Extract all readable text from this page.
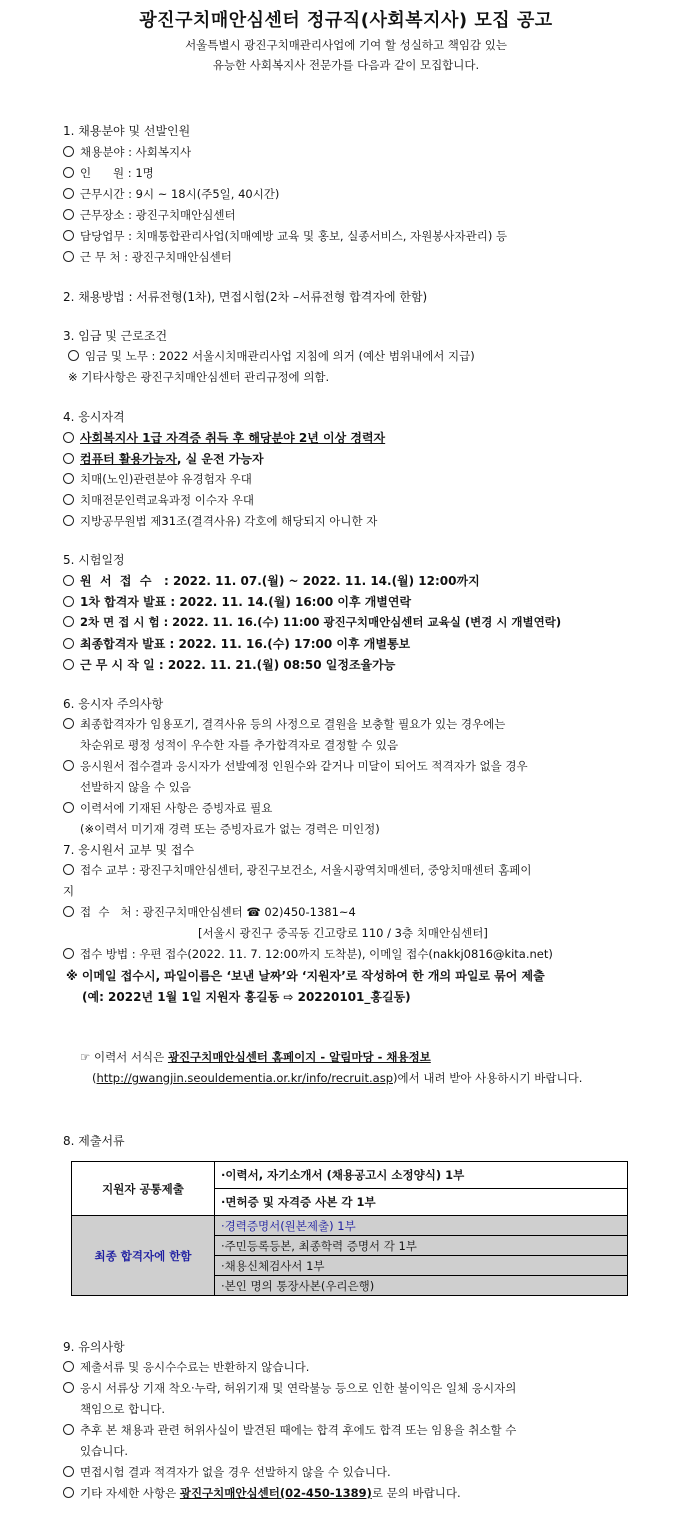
광진구치매안심센터 정규직(사회복지사) 모집 공고
서울특별시 광진구치매관리사업에 기여 할 성실하고 책임감 있는
유능한 사회복지사 전문가를 다음과 같이 모집합니다.
1. 채용분야 및 선발인원
채용분야 : 사회복지사
인      원 : 1명
근무시간 : 9시 ~ 18시(주5일, 40시간)
근무장소 : 광진구치매안심센터
담당업무 : 치매통합관리사업(치매예방 교육 및 홍보, 실종서비스, 자원봉사자관리) 등
근 무 처 : 광진구치매안심센터
2. 채용방법 : 서류전형(1차), 면접시험(2차 –서류전형 합격자에 한함)
3. 임금 및 근로조건
임금 및 노무 : 2022 서울시치매관리사업 지침에 의거 (예산 범위내에서 지급)
※ 기타사항은 광진구치매안심센터 관리규정에 의함.
4. 응시자격
사회복지사 1급 자격증 취득 후 해당분야 2년 이상 경력자
컴퓨터 활용가능자, 실 운전 가능자
치매(노인)관련분야 유경험자 우대
치매전문인력교육과정 이수자 우대
지방공무원법 제31조(결격사유) 각호에 해당되지 아니한 자
5. 시험일정
원  서  접  수   : 2022. 11. 07.(월) ~ 2022. 11. 14.(월) 12:00까지
1차 합격자 발표 : 2022. 11. 14.(월) 16:00 이후 개별연락
2차 면 접 시 험 : 2022. 11. 16.(수) 11:00 광진구치매안심센터 교육실 (변경 시 개별연락)
최종합격자 발표 : 2022. 11. 16.(수) 17:00 이후 개별통보
근 무 시 작 일 : 2022. 11. 21.(월) 08:50 일정조율가능
6. 응시자 주의사항
최종합격자가 임용포기, 결격사유 등의 사정으로 결원을 보충할 필요가 있는 경우에는
차순위로 평정 성적이 우수한 자를 추가합격자로 결정할 수 있음
응시원서 접수결과 응시자가 선발예정 인원수와 같거나 미달이 되어도 적격자가 없을 경우
선발하지 않을 수 있음
이력서에 기재된 사항은 증빙자료 필요
(※이력서 미기재 경력 또는 증빙자료가 없는 경력은 미인정)
7. 응시원서 교부 및 접수
접수 교부 : 광진구치매안심센터, 광진구보건소, 서울시광역치매센터, 중앙치매센터 홈페이
지
접  수   처 : 광진구치매안심센터 ☎ 02)450-1381~4
[서울시 광진구 중곡동 긴고랑로 110 / 3층 치매안심센터]
접수 방법 : 우편 접수(2022. 11. 7. 12:00까지 도착분), 이메일 접수(nakkj0816@kita.net)
※ 이메일 접수시, 파일이름은 ‘보낸 날짜’와 ‘지원자’로 작성하여 한 개의 파일로 묶어 제출
(예: 2022년 1월 1일 지원자 홍길동 ⇨ 20220101_홍길동)
☞ 이력서 서식은 광진구치매안심센터 홈페이지 - 알림마당 - 채용정보
(http://gwangjin.seouldementia.or.kr/info/recruit.asp)에서 내려 받아 사용하시기 바랍니다.
8. 제출서류
지원자 공통제출	·이력서, 자기소개서 (채용공고시 소정양식) 1부
	·면허증 및 자격증 사본 각 1부
최종 합격자에 한함	·경력증명서(원본제출) 1부
	·주민등록등본, 최종학력 증명서 각 1부
	·채용신체검사서 1부
	·본인 명의 통장사본(우리은행)
9. 유의사항
제출서류 및 응시수수료는 반환하지 않습니다.
응시 서류상 기재 착오·누락, 허위기재 및 연락불능 등으로 인한 불이익은 일체 응시자의
책임으로 합니다.
추후 본 채용과 관련 허위사실이 발견된 때에는 합격 후에도 합격 또는 임용을 취소할 수
있습니다.
면접시험 결과 적격자가 없을 경우 선발하지 않을 수 있습니다.
기타 자세한 사항은 광진구치매안심센터(02-450-1389)로 문의 바랍니다.
